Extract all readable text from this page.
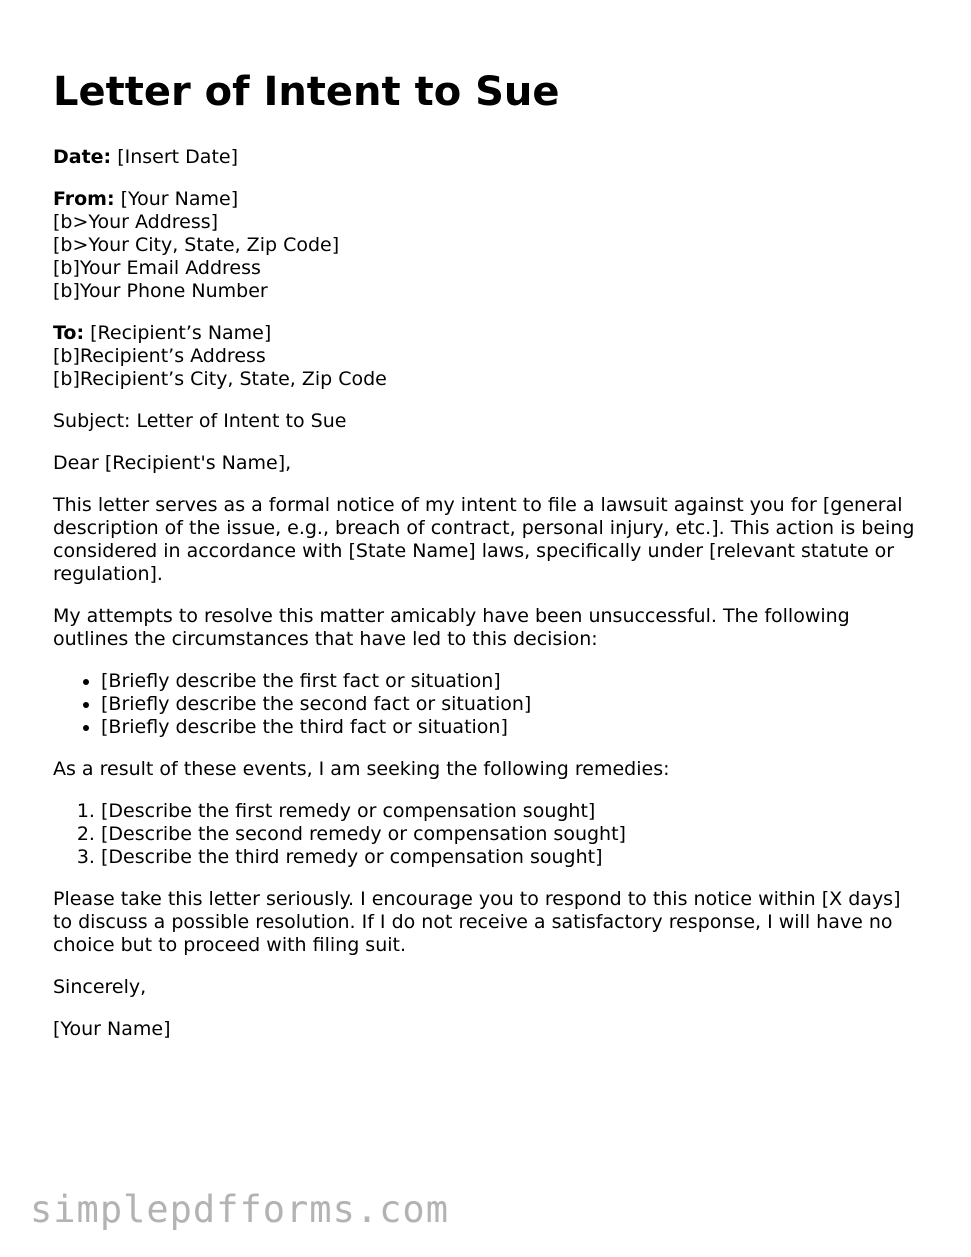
Letter of Intent to Sue

Date: [Insert Date]

From: [Your Name]
[b>Your Address]
[b>Your City, State, Zip Code]
[b]Your Email Address
[b]Your Phone Number
To: [Recipient’s Name]
[b]Recipient’s Address
[b]Recipient’s City, State, Zip Code

Subject: Letter of Intent to Sue

Dear [Recipient's Name],

This letter serves as a formal notice of my intent to file a lawsuit against you for [general description of the issue, e.g., breach of contract, personal injury, etc.]. This action is being considered in accordance with [State Name] laws, specifically under [relevant statute or regulation].

My attempts to resolve this matter amicably have been unsuccessful. The following outlines the circumstances that have led to this decision:

• [Briefly describe the first fact or situation]
• [Briefly describe the second fact or situation]
• [Briefly describe the third fact or situation]

As a result of these events, I am seeking the following remedies:

1. [Describe the first remedy or compensation sought]
2. [Describe the second remedy or compensation sought]
3. [Describe the third remedy or compensation sought]

Please take this letter seriously. I encourage you to respond to this notice within [X days] to discuss a possible resolution. If I do not receive a satisfactory response, I will have no choice but to proceed with filing suit.

Sincerely,

[Your Name]

simplepdfforms.com
